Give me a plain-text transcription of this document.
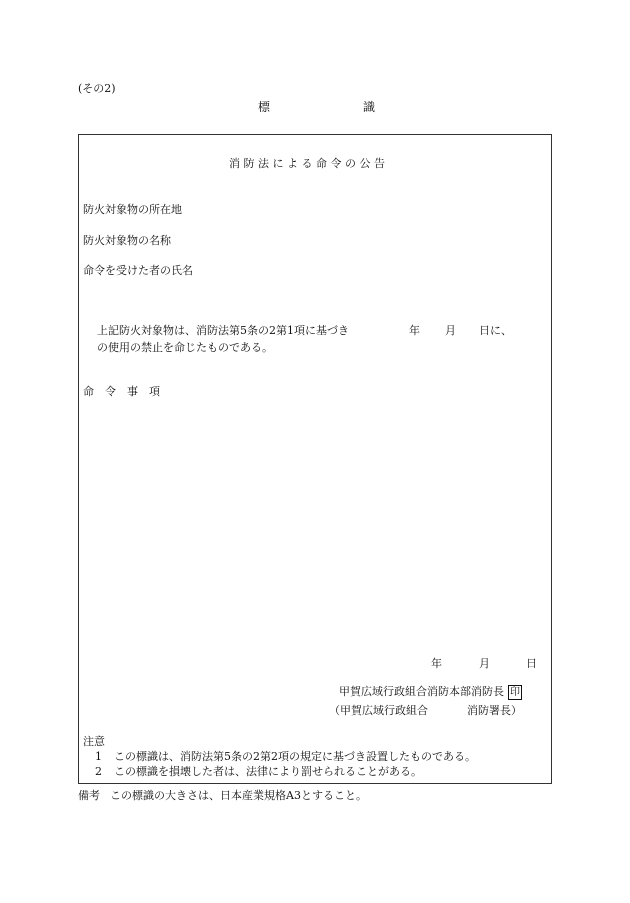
(その2)
標	識
消 防 法 に よ る 命 令 の 公 告
防火対象物の所在地
防火対象物の名称
命令を受けた者の氏名
上記防火対象物は、消防法第5条の2第1項に基づき	年 月 日に、
の使用の禁止を命じたものである。
命　令　事　項
年	月	日
甲賀広域行政組合消防本部消防長 印
（甲賀広域行政組合	消防署長）
注意
1 この標識は、消防法第5条の2第2項の規定に基づき設置したものである。
2 この標識を損壊した者は、法律により罰せられることがある。
備考 この標識の大きさは、日本産業規格A3とすること。
